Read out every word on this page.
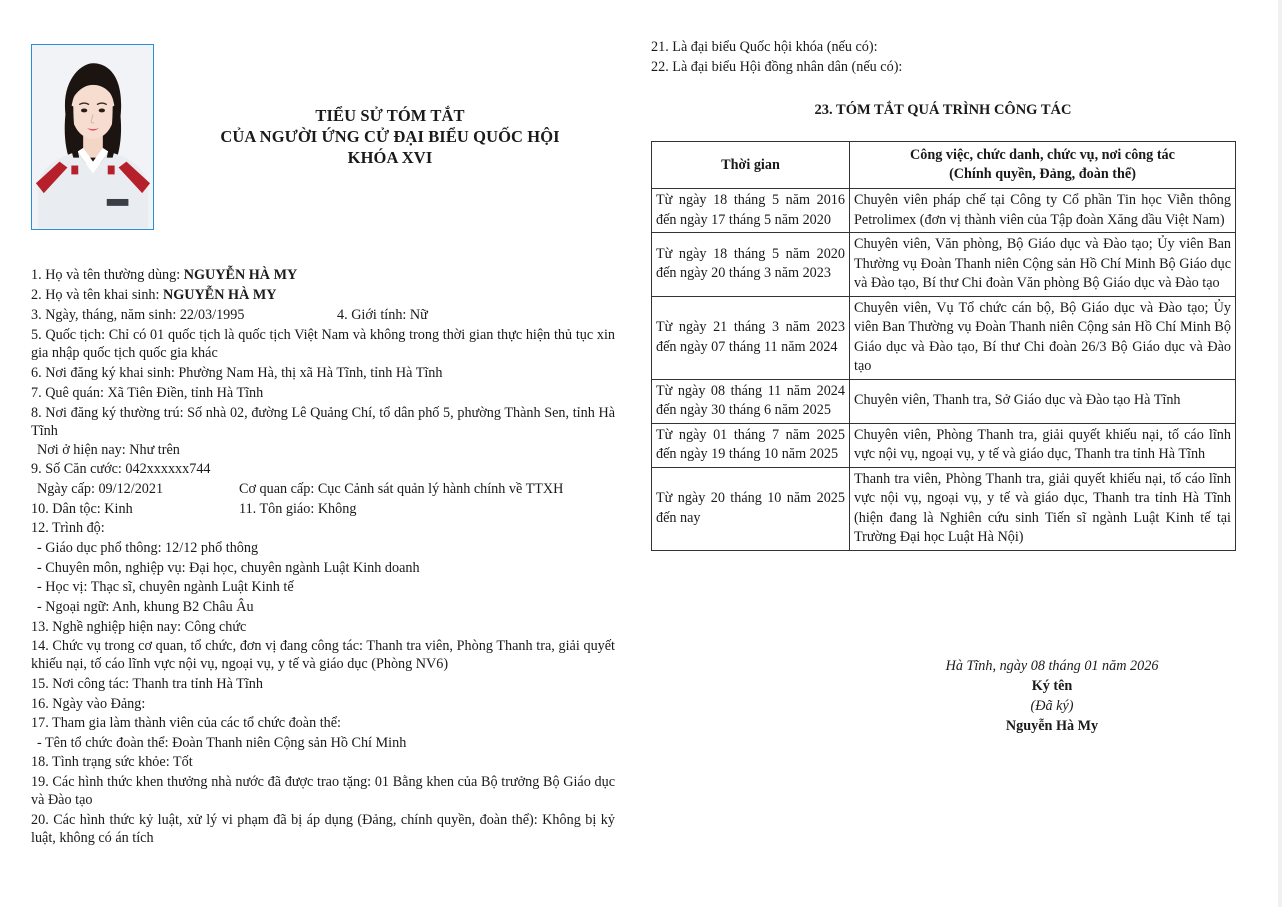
TIỂU SỬ TÓM TẮT
CỦA NGƯỜI ỨNG CỬ ĐẠI BIỂU QUỐC HỘI
KHÓA XVI
1. Họ và tên thường dùng: NGUYỄN HÀ MY
2. Họ và tên khai sinh: NGUYỄN HÀ MY
3. Ngày, tháng, năm sinh: 22/03/1995	4. Giới tính: Nữ
5. Quốc tịch: Chỉ có 01 quốc tịch là quốc tịch Việt Nam và không trong thời gian thực hiện thủ tục xin gia nhập quốc tịch quốc gia khác
6. Nơi đăng ký khai sinh: Phường Nam Hà, thị xã Hà Tĩnh, tỉnh Hà Tĩnh
7. Quê quán: Xã Tiên Điền, tỉnh Hà Tĩnh
8. Nơi đăng ký thường trú: Số nhà 02, đường Lê Quảng Chí, tổ dân phố 5, phường Thành Sen, tỉnh Hà Tĩnh
Nơi ở hiện nay: Như trên
9. Số Căn cước: 042xxxxxx744
Ngày cấp: 09/12/2021	Cơ quan cấp: Cục Cảnh sát quản lý hành chính về TTXH
10. Dân tộc: Kinh	11. Tôn giáo: Không
12. Trình độ:
- Giáo dục phổ thông: 12/12 phổ thông
- Chuyên môn, nghiệp vụ: Đại học, chuyên ngành Luật Kinh doanh
- Học vị: Thạc sĩ, chuyên ngành Luật Kinh tế
- Ngoại ngữ: Anh, khung B2 Châu Âu
13. Nghề nghiệp hiện nay: Công chức
14. Chức vụ trong cơ quan, tổ chức, đơn vị đang công tác: Thanh tra viên, Phòng Thanh tra, giải quyết khiếu nại, tố cáo lĩnh vực nội vụ, ngoại vụ, y tế và giáo dục (Phòng NV6)
15. Nơi công tác: Thanh tra tỉnh Hà Tĩnh
16. Ngày vào Đảng:
17. Tham gia làm thành viên của các tổ chức đoàn thể:
- Tên tổ chức đoàn thể: Đoàn Thanh niên Cộng sản Hồ Chí Minh
18. Tình trạng sức khỏe: Tốt
19. Các hình thức khen thưởng nhà nước đã được trao tặng: 01 Bằng khen của Bộ trưởng Bộ Giáo dục và Đào tạo
20. Các hình thức kỷ luật, xử lý vi phạm đã bị áp dụng (Đảng, chính quyền, đoàn thể): Không bị kỷ luật, không có án tích
21. Là đại biểu Quốc hội khóa (nếu có):
22. Là đại biểu Hội đồng nhân dân (nếu có):
23. TÓM TẮT QUÁ TRÌNH CÔNG TÁC
Thời gian	Công việc, chức danh, chức vụ, nơi công tác
(Chính quyền, Đảng, đoàn thể)

Từ ngày 18 tháng 5 năm 2016 đến ngày 17 tháng 5 năm 2020	Chuyên viên pháp chế tại Công ty Cổ phần Tin học Viễn thông Petrolimex (đơn vị thành viên của Tập đoàn Xăng dầu Việt Nam)
Từ ngày 18 tháng 5 năm 2020 đến ngày 20 tháng 3 năm 2023	Chuyên viên, Văn phòng, Bộ Giáo dục và Đào tạo; Ủy viên Ban Thường vụ Đoàn Thanh niên Cộng sản Hồ Chí Minh Bộ Giáo dục và Đào tạo, Bí thư Chi đoàn Văn phòng Bộ Giáo dục và Đào tạo
Từ ngày 21 tháng 3 năm 2023 đến ngày 07 tháng 11 năm 2024	Chuyên viên, Vụ Tổ chức cán bộ, Bộ Giáo dục và Đào tạo; Ủy viên Ban Thường vụ Đoàn Thanh niên Cộng sản Hồ Chí Minh Bộ Giáo dục và Đào tạo, Bí thư Chi đoàn 26/3 Bộ Giáo dục và Đào tạo
Từ ngày 08 tháng 11 năm 2024 đến ngày 30 tháng 6 năm 2025	Chuyên viên, Thanh tra, Sở Giáo dục và Đào tạo Hà Tĩnh
Từ ngày 01 tháng 7 năm 2025 đến ngày 19 tháng 10 năm 2025	Chuyên viên, Phòng Thanh tra, giải quyết khiếu nại, tố cáo lĩnh vực nội vụ, ngoại vụ, y tế và giáo dục, Thanh tra tỉnh Hà Tĩnh
Từ ngày 20 tháng 10 năm 2025 đến nay	Thanh tra viên, Phòng Thanh tra, giải quyết khiếu nại, tố cáo lĩnh vực nội vụ, ngoại vụ, y tế và giáo dục, Thanh tra tỉnh Hà Tĩnh (hiện đang là Nghiên cứu sinh Tiến sĩ ngành Luật Kinh tế tại Trường Đại học Luật Hà Nội)
Hà Tĩnh, ngày 08 tháng 01 năm 2026
Ký tên
(Đã ký)
Nguyễn Hà My
